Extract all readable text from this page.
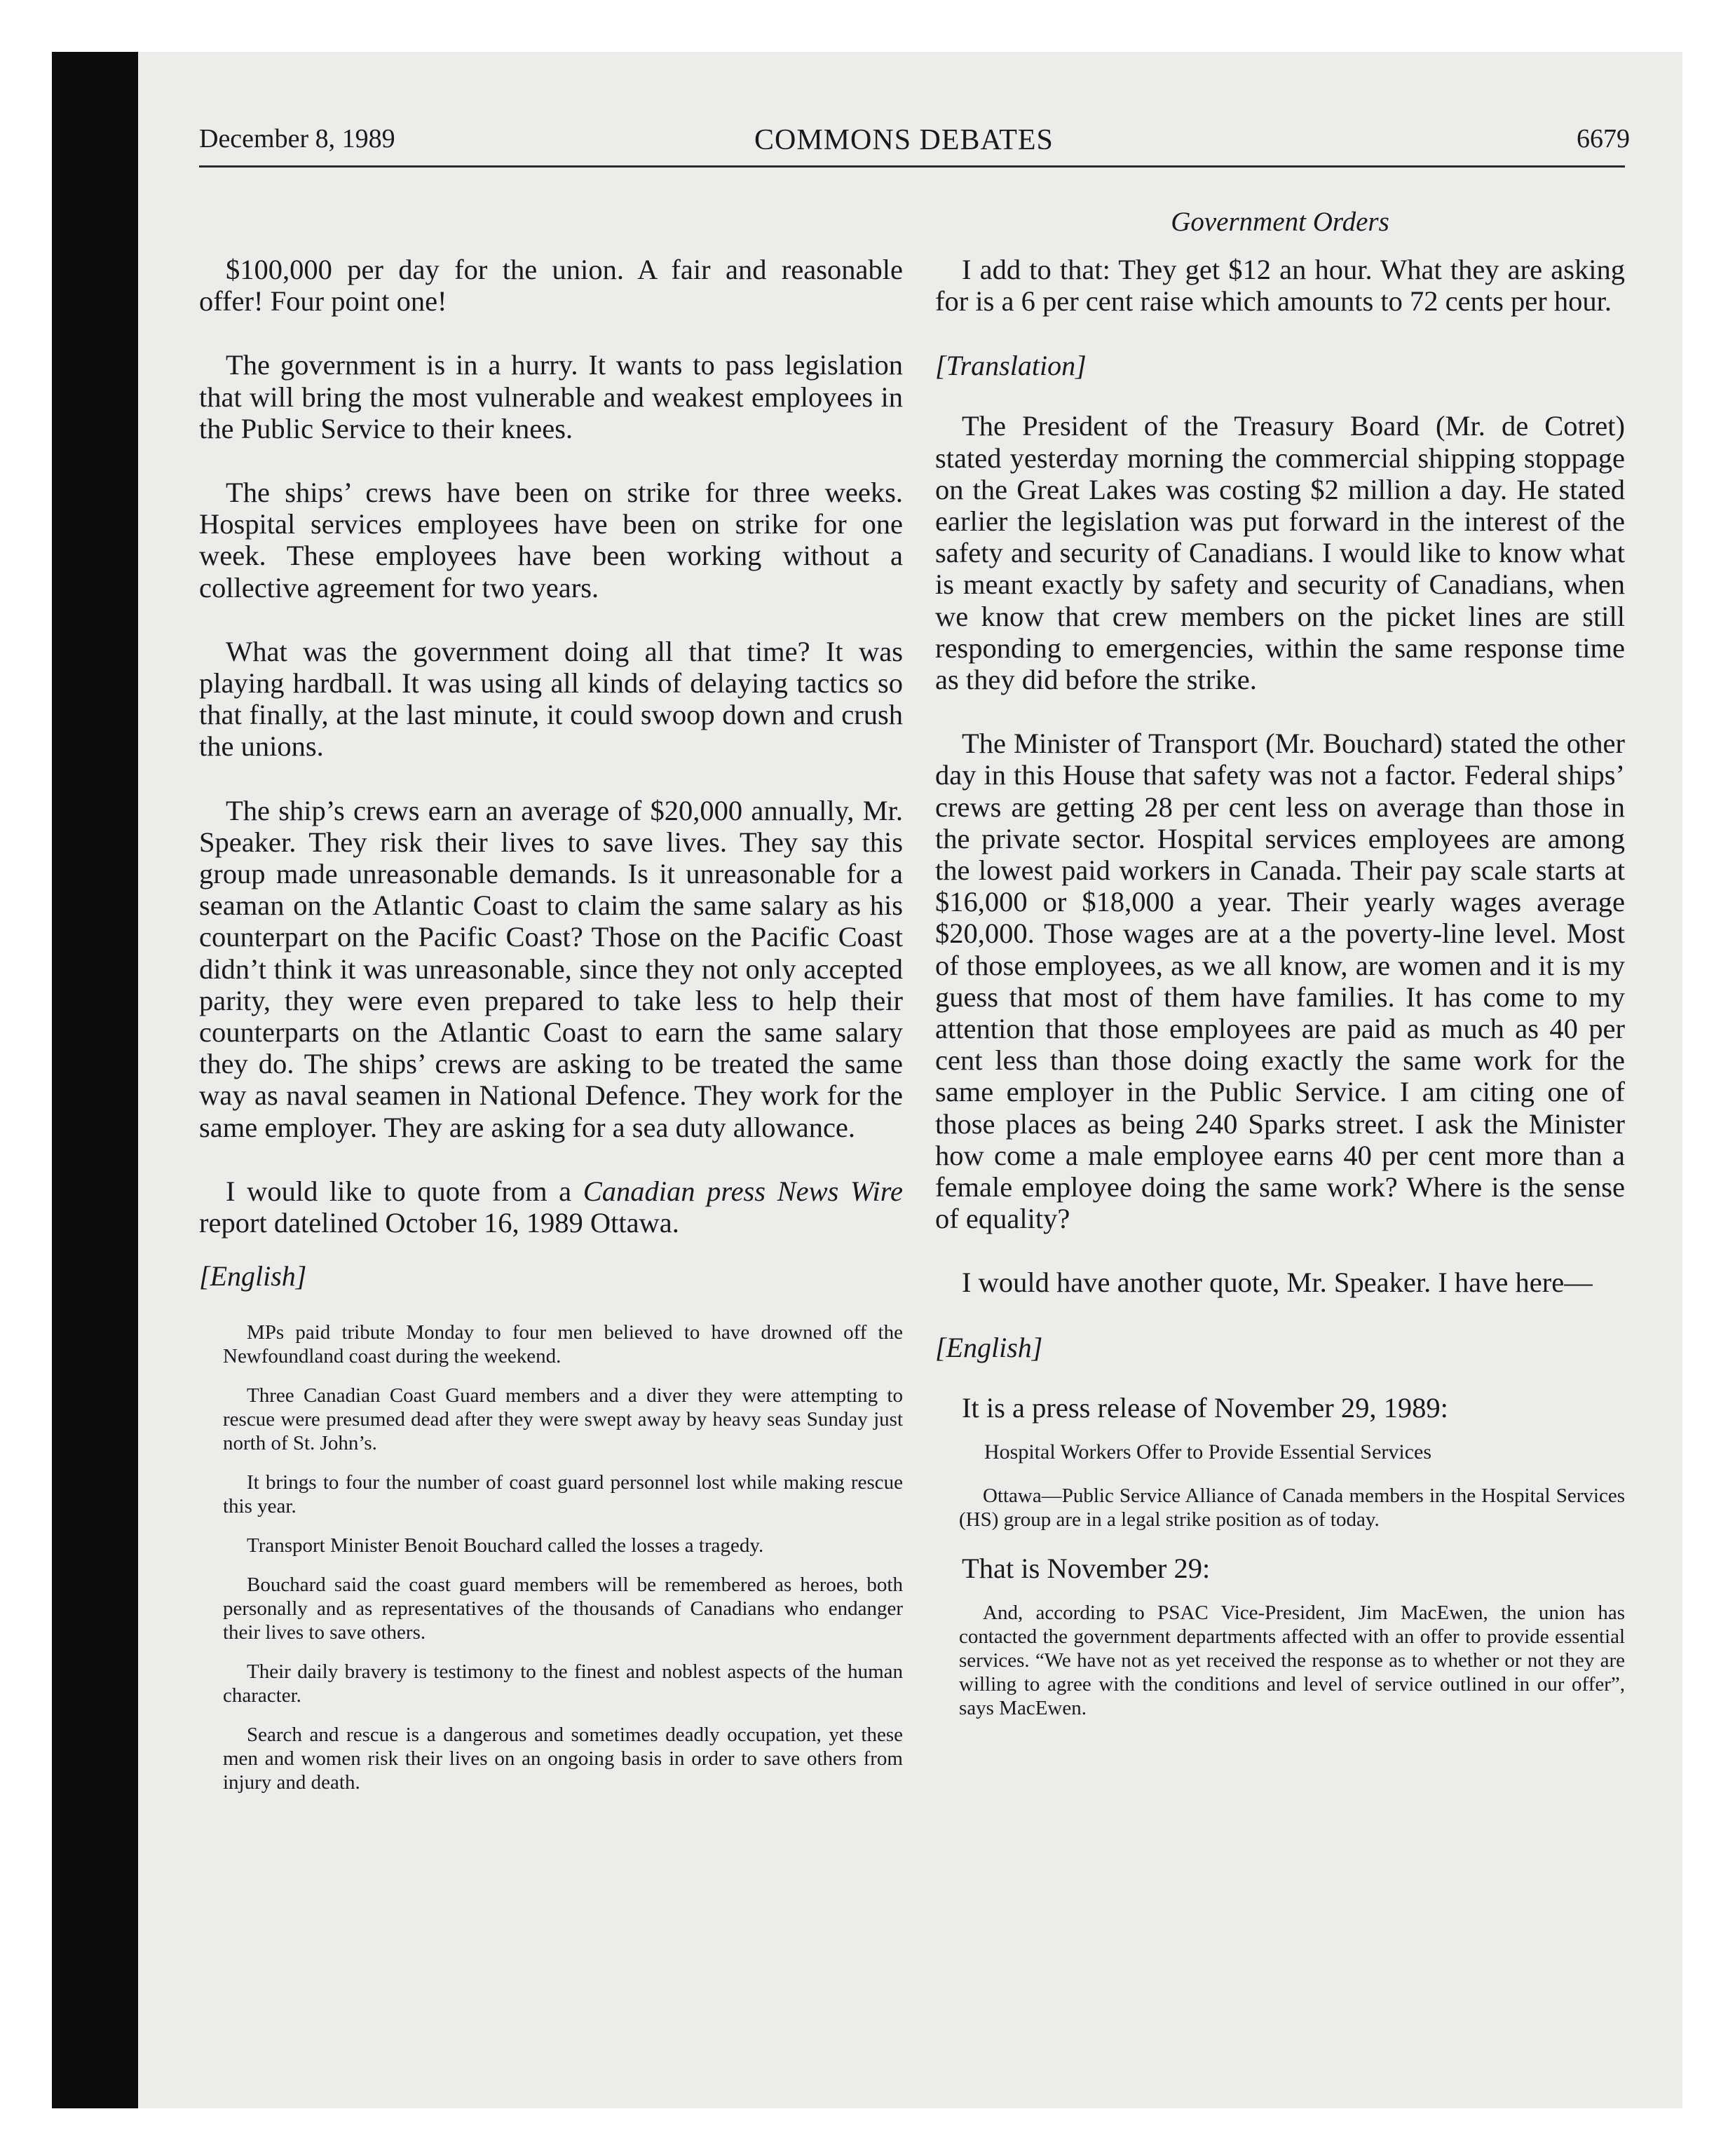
December 8, 1989	COMMONS DEBATES	6679
Government Orders

$100,000 per day for the union. A fair and reasonable offer! Four point one!

The government is in a hurry. It wants to pass legislation that will bring the most vulnerable and weakest employees in the Public Service to their knees.

The ships’ crews have been on strike for three weeks. Hospital services employees have been on strike for one week. These employees have been working without a collective agreement for two years.

What was the government doing all that time? It was playing hardball. It was using all kinds of delaying tactics so that finally, at the last minute, it could swoop down and crush the unions.

The ship’s crews earn an average of $20,000 annually, Mr. Speaker. They risk their lives to save lives. They say this group made unreasonable demands. Is it unreasonable for a seaman on the Atlantic Coast to claim the same salary as his counterpart on the Pacific Coast? Those on the Pacific Coast didn’t think it was unreasonable, since they not only accepted parity, they were even prepared to take less to help their counterparts on the Atlantic Coast to earn the same salary they do. The ships’ crews are asking to be treated the same way as naval seamen in National Defence. They work for the same employer. They are asking for a sea duty allowance.

I would like to quote from a Canadian press News Wire report datelined October 16, 1989 Ottawa.

[English]

MPs paid tribute Monday to four men believed to have drowned off the Newfoundland coast during the weekend.

Three Canadian Coast Guard members and a diver they were attempting to rescue were presumed dead after they were swept away by heavy seas Sunday just north of St. John’s.

It brings to four the number of coast guard personnel lost while making rescue this year.

Transport Minister Benoit Bouchard called the losses a tragedy.

Bouchard said the coast guard members will be remembered as heroes, both personally and as representatives of the thousands of Canadians who endanger their lives to save others.

Their daily bravery is testimony to the finest and noblest aspects of the human character.

Search and rescue is a dangerous and sometimes deadly occupation, yet these men and women risk their lives on an ongoing basis in order to save others from injury and death.

I add to that: They get $12 an hour. What they are asking for is a 6 per cent raise which amounts to 72 cents per hour.

[Translation]

The President of the Treasury Board (Mr. de Cotret) stated yesterday morning the commercial shipping stoppage on the Great Lakes was costing $2 million a day. He stated earlier the legislation was put forward in the interest of the safety and security of Canadians. I would like to know what is meant exactly by safety and security of Canadians, when we know that crew members on the picket lines are still responding to emergencies, within the same response time as they did before the strike.

The Minister of Transport (Mr. Bouchard) stated the other day in this House that safety was not a factor. Federal ships’ crews are getting 28 per cent less on average than those in the private sector. Hospital services employees are among the lowest paid workers in Canada. Their pay scale starts at $16,000 or $18,000 a year. Their yearly wages average $20,000. Those wages are at a the poverty-line level. Most of those employees, as we all know, are women and it is my guess that most of them have families. It has come to my attention that those employees are paid as much as 40 per cent less than those doing exactly the same work for the same employer in the Public Service. I am citing one of those places as being 240 Sparks street. I ask the Minister how come a male employee earns 40 per cent more than a female employee doing the same work? Where is the sense of equality?

I would have another quote, Mr. Speaker. I have here—

[English]

It is a press release of November 29, 1989:

Hospital Workers Offer to Provide Essential Services

Ottawa—Public Service Alliance of Canada members in the Hospital Services (HS) group are in a legal strike position as of today.

That is November 29:

And, according to PSAC Vice-President, Jim MacEwen, the union has contacted the government departments affected with an offer to provide essential services. “We have not as yet received the response as to whether or not they are willing to agree with the conditions and level of service outlined in our offer”, says MacEwen.
